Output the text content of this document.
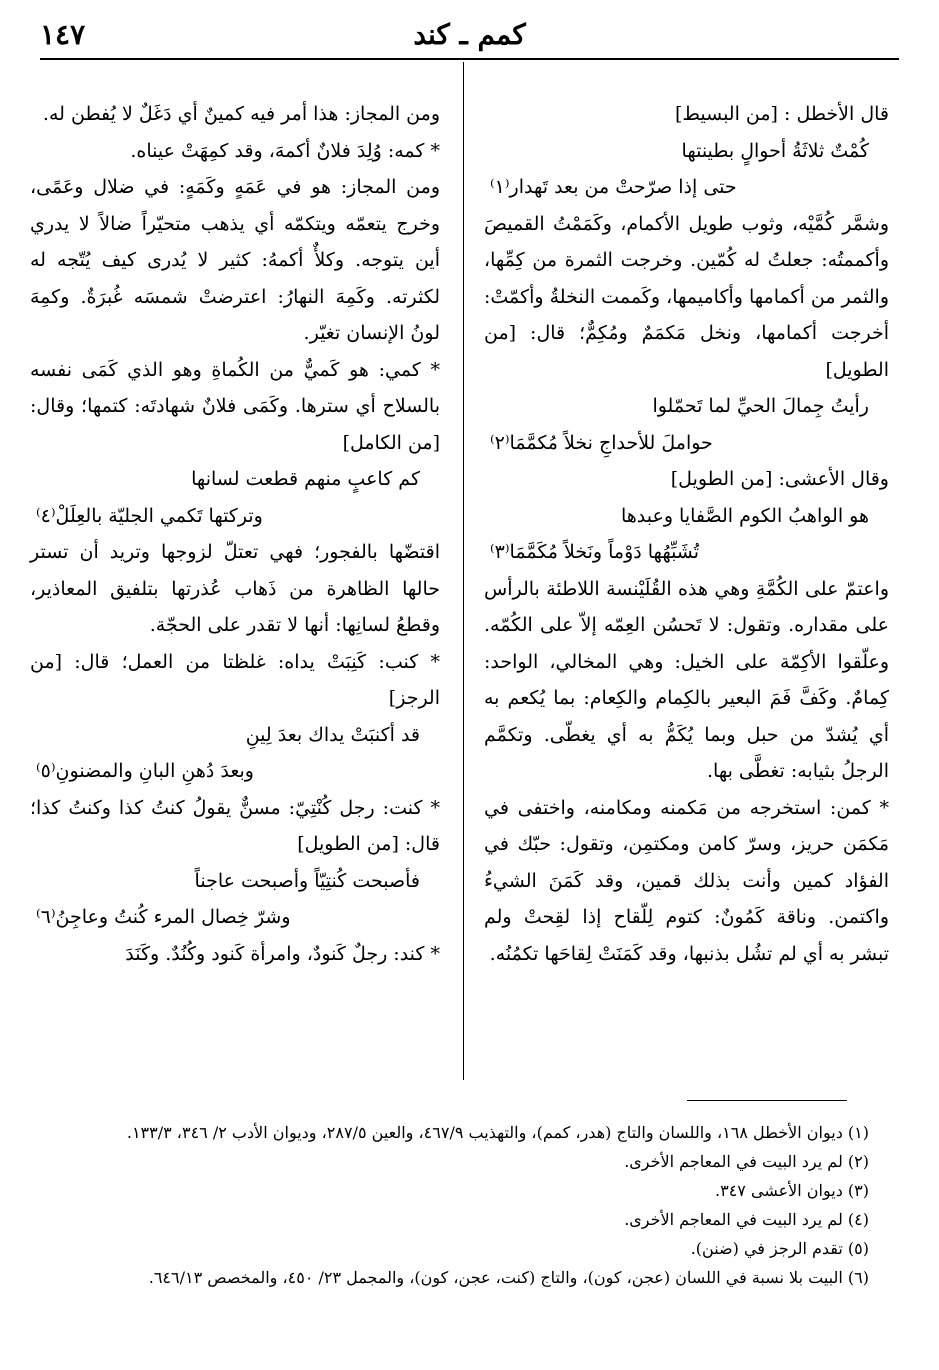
كمم ـ كند
١٤٧

قال الأخطل : [من البسيط]

كُمْتٌ ثلاثَةُ أحوالٍ بطينتها

حتى إذا صرّحتْ من بعد تَهدار⁽١⁾

وشمَّر كُمَّيْه، وثوب طويل الأكمام، وكَمَمْتُ القميصَ وأكممتُه: جعلتُ له كُمّين. وخرجت الثمرة من كِمِّها، والثمر من أكمامها وأكاميمها، وكَممت النخلةُ وأكمّتْ: أخرجت أكمامها، ونخل مَكمَمٌ ومُكِمٌّ؛ قال: [من الطويل]

رأيتُ جِمالَ الحيِّ لما تَحمّلوا

حواملَ للأحداجِ نخلاً مُكمَّمَا⁽٢⁾

وقال الأعشى: [من الطويل]

هو الواهبُ الكوم الصَّفايا وعبدها

تُشَبِّهُها دَوْماً ونَخلاً مُكَمَّمَا⁽٣⁾

واعتمّ على الكُمَّةِ وهي هذه القُلَيْنسة اللاطئة بالرأس على مقداره. وتقول: لا تَحسُن العِمّه إلاّ على الكُمّه. وعلّقوا الأكِمّة على الخيل: وهي المخالي، الواحد: كِمامٌ. وكَفَّ فَمَ البعير بالكِمام والكِعام: بما يُكعم به أي يُشدّ من حبل وبما يُكَمُّ به أي يغطّى. وتكمَّم الرجلُ بثيابه: تغطَّى بها.

* كمن: استخرجه من مَكمنه ومكامنه، واختفى في مَكمَن حريز، وسرّ كامن ومكتمِن، وتقول: حبّك في الفؤاد كمين وأنت بذلك قمين، وقد كَمَنَ الشيءُ واكتمن. وناقة كَمُونٌ: كتوم لِلّقاح إذا لقِحتْ ولم تبشر به أي لم تشُل بذنبها، وقد كَمَنَتْ لِقاحَها تكمُنُه.

ومن المجاز: هذا أمر فيه كمينٌ أي دَغَلٌ لا يُفطن له.

* كمه: وُلِدَ فلانٌ أكمهَ، وقد كمِهَتْ عيناه.

ومن المجاز: هو في عَمَهٍ وكَمَهٍ: في ضلال وعَمًى، وخرج يتعمّه ويتكمّه أي يذهب متحيّراً ضالاً لا يدري أين يتوجه. وكلأٌ أكمهُ: كثير لا يُدرى كيف يُتّجه له لكثرته. وكَمِهَ النهارُ: اعترضتْ شمسَه غُبرَةٌ. وكمِهَ لونُ الإنسان تغيّر.

* كمي: هو كَميٌّ من الكُماةِ وهو الذي كَمَى نفسه بالسلاح أي سترها. وكَمَى فلانٌ شهادتَه: كتمها؛ وقال: [من الكامل]

كم كاعبٍ منهم قطعت لسانها

وتركتها تَكمي الجليّة بالعِلَلْ⁽٤⁾

اقتضّها بالفجور؛ فهي تعتلّ لزوجها وتريد أن تستر حالها الظاهرة من ذَهاب عُذرتها بتلفيق المعاذير، وقطعُ لسانِها: أنها لا تقدر على الحجّة.

* كنب: كَنِبَتْ يداه: غلظتا من العمل؛ قال: [من الرجز]

قد أكنبَتْ يداك بعدَ لِينِ

وبعدَ دُهنِ البانِ والمضنونِ⁽٥⁾

* كنت: رجل كُنْتِيّ: مسنٌّ يقولُ كنتُ كذا وكنتُ كذا؛ قال: [من الطويل]

فأصبحت كُنتِيّاً وأصبحت عاجناً

وشرّ خِصال المرء كُنتُ وعاجِنُ⁽٦⁾

* كند: رجلٌ كَنودٌ، وامرأة كَنود وكُنُدٌ. وكَنَدَ

(١) ديوان الأخطل ١٦٨، واللسان والتاج (هدر، كمم)، والتهذيب ٤٦٧/٩، والعين ٢٨٧/٥، وديوان الأدب ٢/ ٣٤٦، ١٣٣/٣.

(٢) لم يرد البيت في المعاجم الأخرى.

(٣) ديوان الأعشى ٣٤٧.

(٤) لم يرد البيت في المعاجم الأخرى.

(٥) تقدم الرجز في (ضنن).

(٦) البيت بلا نسبة في اللسان (عجن، كون)، والتاج (كنت، عجن، كون)، والمجمل ٢٣/ ٤٥٠، والمخصص ٦٤٦/١٣.
